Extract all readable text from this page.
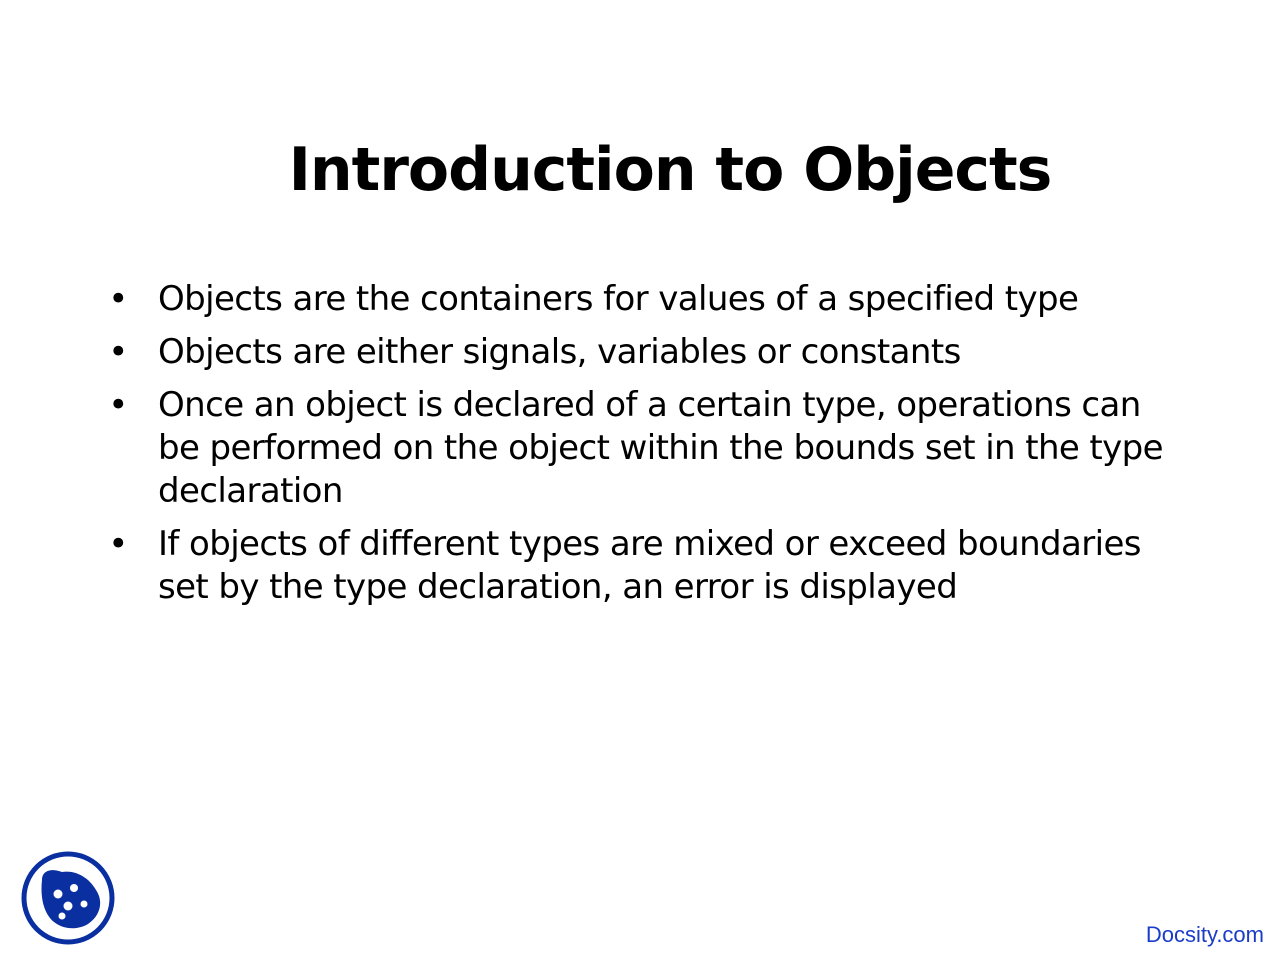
Introduction to Objects
• Objects are the containers for values of a specified type
• Objects are either signals, variables or constants
• Once an object is declared of a certain type, operations can be performed on the object within the bounds set in the type declaration
• If objects of different types are mixed or exceed boundaries set by the type declaration, an error is displayed
Docsity.com
